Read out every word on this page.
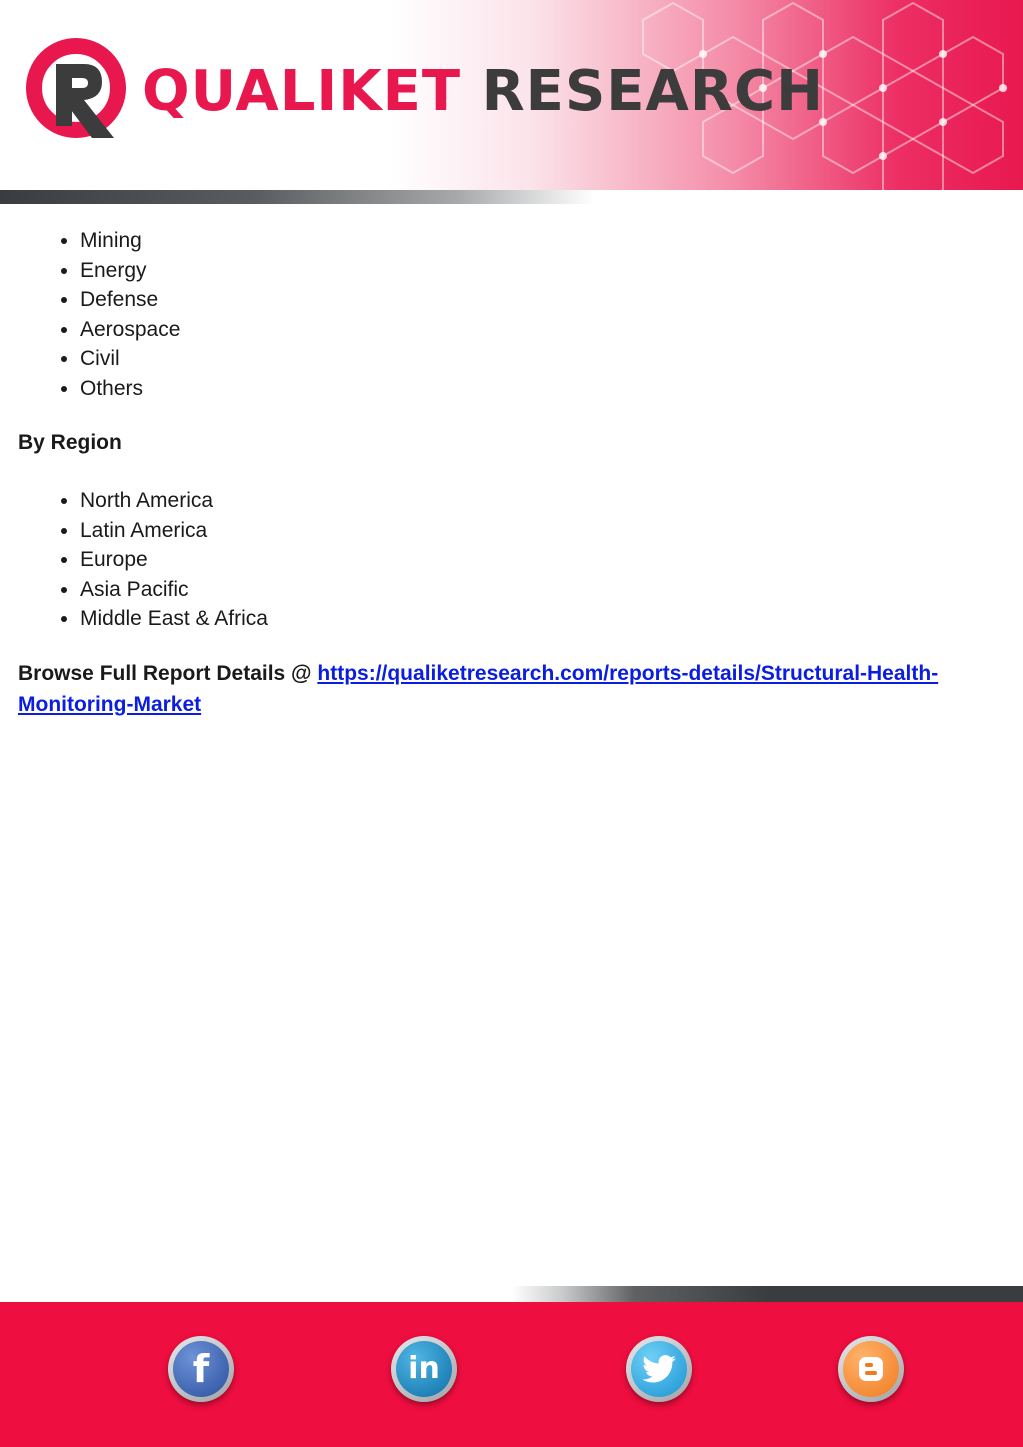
QUALIKET RESEARCH
• Mining
• Energy
• Defense
• Aerospace
• Civil
• Others
By Region
• North America
• Latin America
• Europe
• Asia Pacific
• Middle East & Africa
Browse Full Report Details @ https://qualiketresearch.com/reports-details/Structural-Health-Monitoring-Market
f	in
